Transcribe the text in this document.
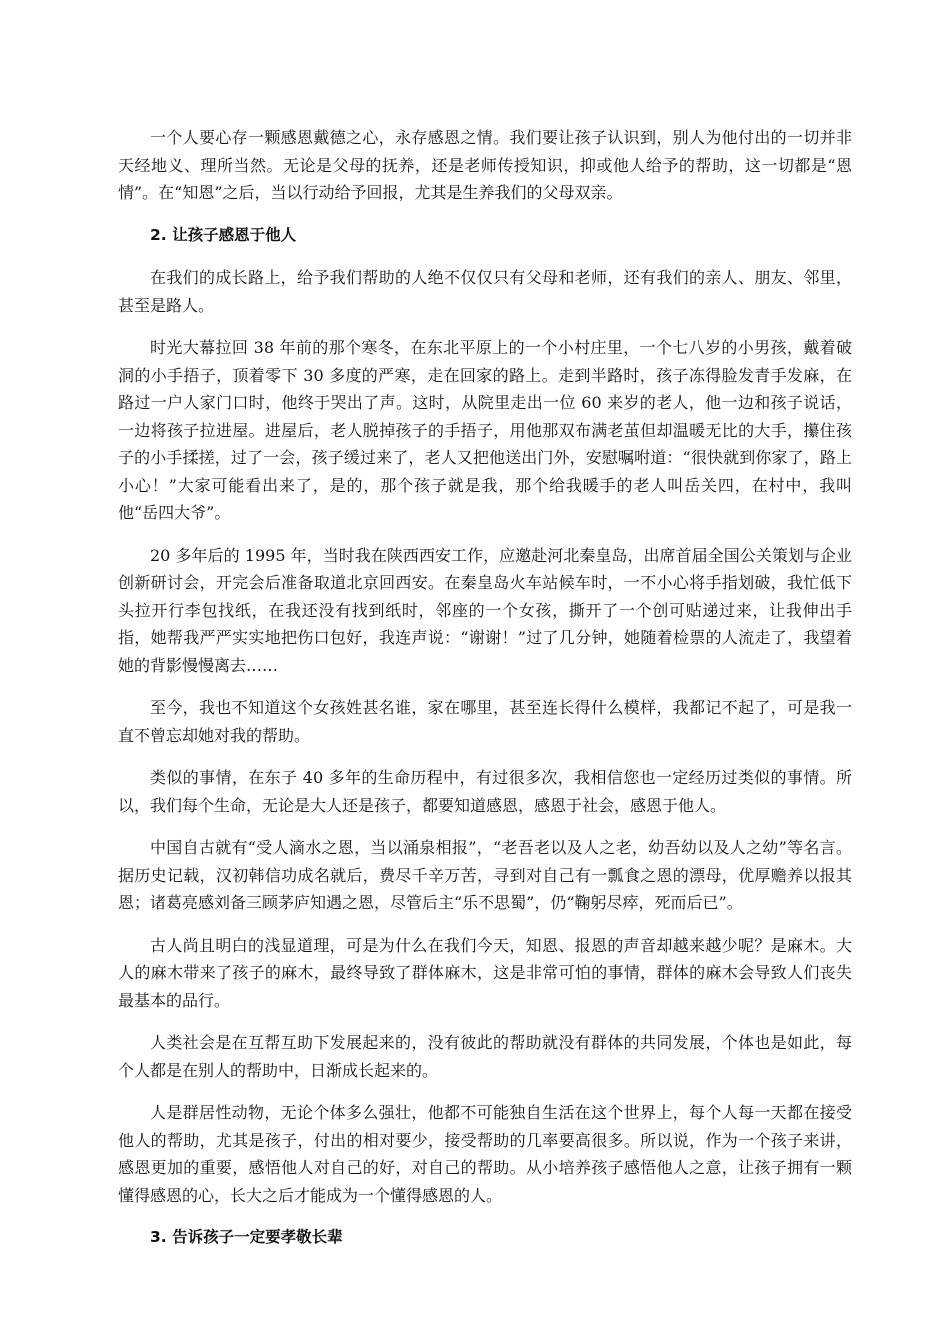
一个人要心存一颗感恩戴德之心，永存感恩之情。我们要让孩子认识到，别人为他付出的一切并非天经地义、理所当然。无论是父母的抚养，还是老师传授知识，抑或他人给予的帮助，这一切都是“恩情”。在“知恩”之后，当以行动给予回报，尤其是生养我们的父母双亲。

2. 让孩子感恩于他人

在我们的成长路上，给予我们帮助的人绝不仅仅只有父母和老师，还有我们的亲人、朋友、邻里，甚至是路人。

时光大幕拉回 38 年前的那个寒冬，在东北平原上的一个小村庄里，一个七八岁的小男孩，戴着破洞的小手捂子，顶着零下 30 多度的严寒，走在回家的路上。走到半路时，孩子冻得脸发青手发麻，在路过一户人家门口时，他终于哭出了声。这时，从院里走出一位 60 来岁的老人，他一边和孩子说话，一边将孩子拉进屋。进屋后，老人脱掉孩子的手捂子，用他那双布满老茧但却温暖无比的大手，攥住孩子的小手揉搓，过了一会，孩子缓过来了，老人又把他送出门外，安慰嘱咐道：“很快就到你家了，路上小心！”大家可能看出来了，是的，那个孩子就是我，那个给我暖手的老人叫岳关四，在村中，我叫他“岳四大爷”。

20 多年后的 1995 年，当时我在陕西西安工作，应邀赴河北秦皇岛，出席首届全国公关策划与企业创新研讨会，开完会后准备取道北京回西安。在秦皇岛火车站候车时，一不小心将手指划破，我忙低下头拉开行李包找纸，在我还没有找到纸时，邻座的一个女孩，撕开了一个创可贴递过来，让我伸出手指，她帮我严严实实地把伤口包好，我连声说：“谢谢！”过了几分钟，她随着检票的人流走了，我望着她的背影慢慢离去……

至今，我也不知道这个女孩姓甚名谁，家在哪里，甚至连长得什么模样，我都记不起了，可是我一直不曾忘却她对我的帮助。

类似的事情，在东子 40 多年的生命历程中，有过很多次，我相信您也一定经历过类似的事情。所以，我们每个生命，无论是大人还是孩子，都要知道感恩，感恩于社会，感恩于他人。

中国自古就有“受人滴水之恩，当以涌泉相报”，“老吾老以及人之老，幼吾幼以及人之幼”等名言。据历史记载，汉初韩信功成名就后，费尽千辛万苦，寻到对自己有一瓢食之恩的漂母，优厚赡养以报其恩；诸葛亮感刘备三顾茅庐知遇之恩，尽管后主“乐不思蜀”，仍“鞠躬尽瘁，死而后已”。

古人尚且明白的浅显道理，可是为什么在我们今天，知恩、报恩的声音却越来越少呢？是麻木。大人的麻木带来了孩子的麻木，最终导致了群体麻木，这是非常可怕的事情，群体的麻木会导致人们丧失最基本的品行。

人类社会是在互帮互助下发展起来的，没有彼此的帮助就没有群体的共同发展，个体也是如此，每个人都是在别人的帮助中，日渐成长起来的。

人是群居性动物，无论个体多么强壮，他都不可能独自生活在这个世界上，每个人每一天都在接受他人的帮助，尤其是孩子，付出的相对要少，接受帮助的几率要高很多。所以说，作为一个孩子来讲，感恩更加的重要，感悟他人对自己的好，对自己的帮助。从小培养孩子感悟他人之意，让孩子拥有一颗懂得感恩的心，长大之后才能成为一个懂得感恩的人。

3. 告诉孩子一定要孝敬长辈
